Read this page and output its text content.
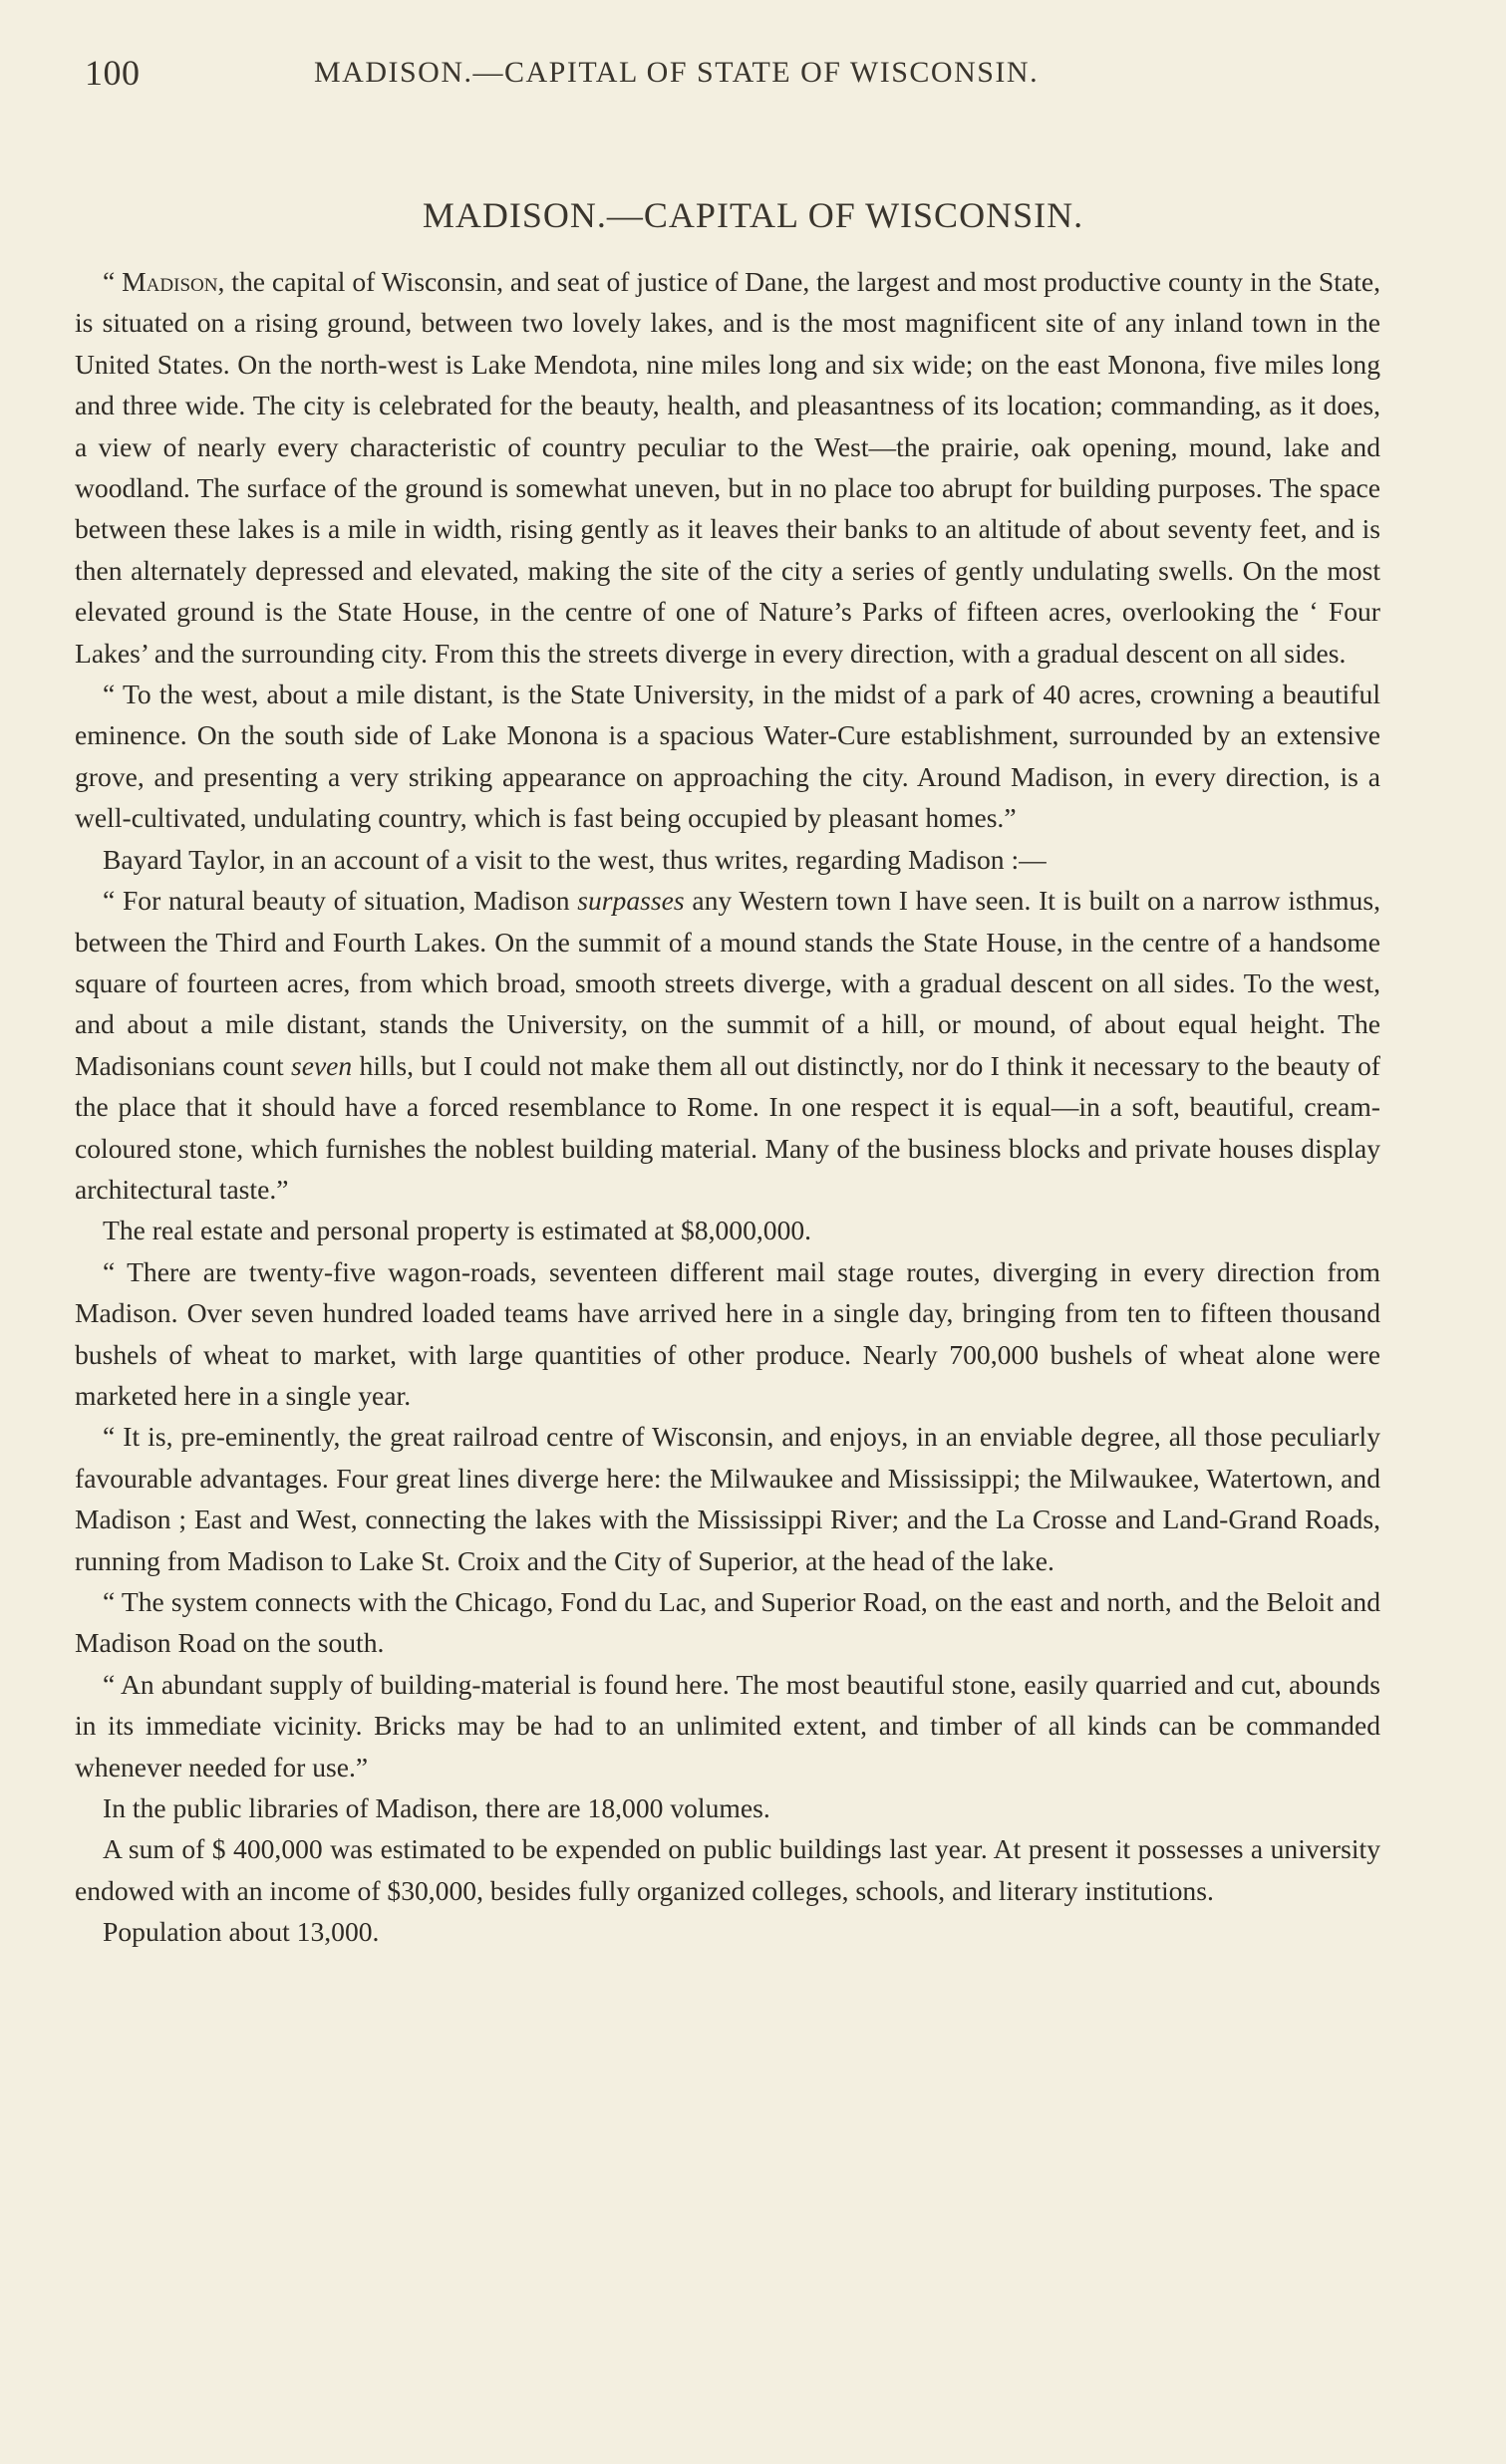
100	MADISON.—CAPITAL OF STATE OF WISCONSIN.
MADISON.—CAPITAL OF WISCONSIN.

“ Madison, the capital of Wisconsin, and seat of justice of Dane, the largest and most productive county in the State, is situated on a rising ground, between two lovely lakes, and is the most magnificent site of any inland town in the United States. On the north-west is Lake Mendota, nine miles long and six wide; on the east Monona, five miles long and three wide. The city is celebrated for the beauty, health, and pleasantness of its location; commanding, as it does, a view of nearly every characteristic of country peculiar to the West—the prairie, oak opening, mound, lake and woodland. The surface of the ground is somewhat uneven, but in no place too abrupt for building purposes. The space between these lakes is a mile in width, rising gently as it leaves their banks to an altitude of about seventy feet, and is then alternately depressed and elevated, making the site of the city a series of gently undulating swells. On the most elevated ground is the State House, in the centre of one of Nature’s Parks of fifteen acres, overlooking the ‘ Four Lakes’ and the surrounding city. From this the streets diverge in every direction, with a gradual descent on all sides.

“ To the west, about a mile distant, is the State University, in the midst of a park of 40 acres, crowning a beautiful eminence. On the south side of Lake Monona is a spacious Water-Cure establishment, surrounded by an extensive grove, and presenting a very striking appearance on approaching the city. Around Madison, in every direction, is a well-cultivated, undulating country, which is fast being occupied by pleasant homes.”

Bayard Taylor, in an account of a visit to the west, thus writes, regarding Madison :—

“ For natural beauty of situation, Madison surpasses any Western town I have seen. It is built on a narrow isthmus, between the Third and Fourth Lakes. On the summit of a mound stands the State House, in the centre of a handsome square of fourteen acres, from which broad, smooth streets diverge, with a gradual descent on all sides. To the west, and about a mile distant, stands the University, on the summit of a hill, or mound, of about equal height. The Madisonians count seven hills, but I could not make them all out distinctly, nor do I think it necessary to the beauty of the place that it should have a forced resemblance to Rome. In one respect it is equal—in a soft, beautiful, cream-coloured stone, which furnishes the noblest building material. Many of the business blocks and private houses display architectural taste.”

The real estate and personal property is estimated at $8,000,000.

“ There are twenty-five wagon-roads, seventeen different mail stage routes, diverging in every direction from Madison. Over seven hundred loaded teams have arrived here in a single day, bringing from ten to fifteen thousand bushels of wheat to market, with large quantities of other produce. Nearly 700,000 bushels of wheat alone were marketed here in a single year.

“ It is, pre-eminently, the great railroad centre of Wisconsin, and enjoys, in an enviable degree, all those peculiarly favourable advantages. Four great lines diverge here: the Milwaukee and Mississippi; the Milwaukee, Watertown, and Madison ; East and West, connecting the lakes with the Mississippi River; and the La Crosse and Land-Grand Roads, running from Madison to Lake St. Croix and the City of Superior, at the head of the lake.

“ The system connects with the Chicago, Fond du Lac, and Superior Road, on the east and north, and the Beloit and Madison Road on the south.

“ An abundant supply of building-material is found here. The most beautiful stone, easily quarried and cut, abounds in its immediate vicinity. Bricks may be had to an unlimited extent, and timber of all kinds can be commanded whenever needed for use.”

In the public libraries of Madison, there are 18,000 volumes.

A sum of $ 400,000 was estimated to be expended on public buildings last year. At present it possesses a university endowed with an income of $30,000, besides fully organized colleges, schools, and literary institutions.

Population about 13,000.
